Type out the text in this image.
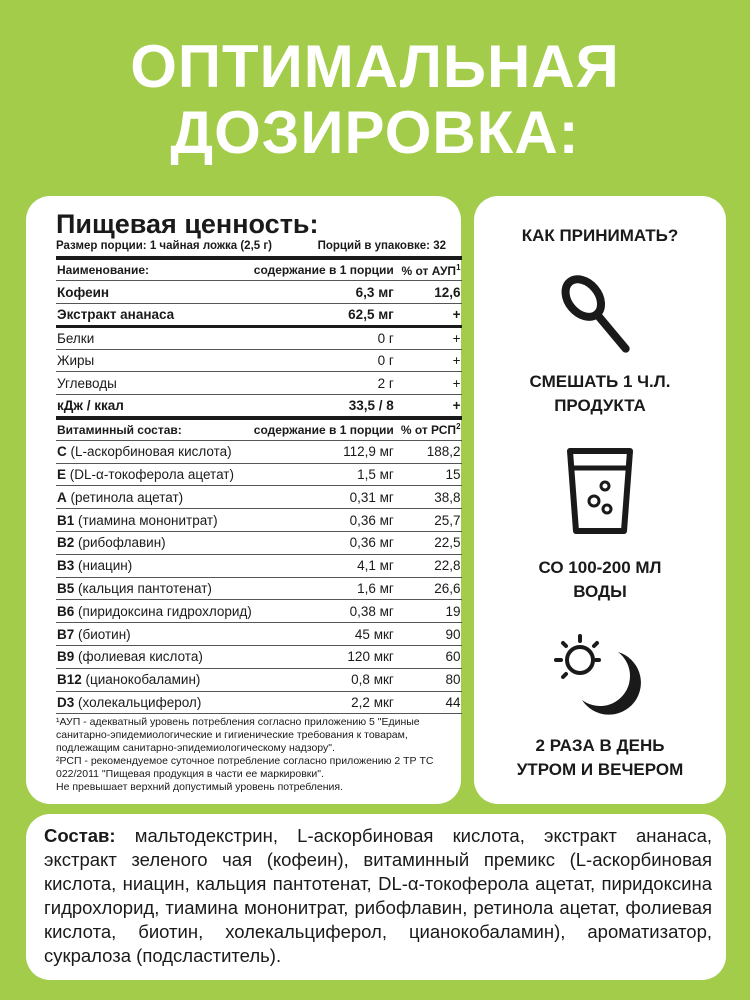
ОПТИМАЛЬНАЯ
ДОЗИРОВКА:
Пищевая ценность:
Размер порции: 1 чайная ложка (2,5 г)	Порций в упаковке: 32
Наименование:	содержание в 1 порции	% от АУП$^1$
Кофеин	6,3 мг	12,6
Экстракт ананаса	62,5 мг	+
Белки	0 г	+
Жиры	0 г	+
Углеводы	2 г	+
кДж / ккал	33,5 / 8	+
Витаминный состав:	содержание в 1 порции	% от РСП$^2$
С (L-аскорбиновая кислота)	112,9 мг	188,2
Е (DL-α-токоферола ацетат)	1,5 мг	15
А (ретинола ацетат)	0,31 мг	38,8
В1 (тиамина мононитрат)	0,36 мг	25,7
В2 (рибофлавин)	0,36 мг	22,5
В3 (ниацин)	4,1 мг	22,8
В5 (кальция пантотенат)	1,6 мг	26,6
В6 (пиридоксина гидрохлорид)	0,38 мг	19
В7 (биотин)	45 мкг	90
В9 (фолиевая кислота)	120 мкг	60
В12 (цианокобаламин)	0,8 мкг	80
D3 (холекальциферол)	2,2 мкг	44

¹АУП - адекватный уровень потребления согласно приложению 5 "Единые санитарно-эпидемиологические и гигиенические требования к товарам, подлежащим санитарно-эпидемиологическому надзору".

²РСП - рекомендуемое суточное потребление согласно приложению 2 ТР ТС 022/2011 "Пищевая продукция в части ее маркировки".

Не превышает верхний допустимый уровень потребления.

КАК ПРИНИМАТЬ?
СМЕШАТЬ 1 Ч.Л.
ПРОДУКТА
СО 100-200 МЛ
ВОДЫ
2 РАЗА В ДЕНЬ
УТРОМ И ВЕЧЕРОМ
Состав: мальтодекстрин, L-аскорбиновая кислота, экстракт ананаса, экстракт зеленого чая (кофеин), витаминный премикс (L-аскорбиновая кислота, ниацин, кальция пантотенат, DL-α-токоферола ацетат, пиридоксина гидрохлорид, тиамина мононитрат, рибофлавин, ретинола ацетат, фолиевая кислота, биотин, холекальциферол, цианокобаламин), ароматизатор, сукралоза (подсластитель).
